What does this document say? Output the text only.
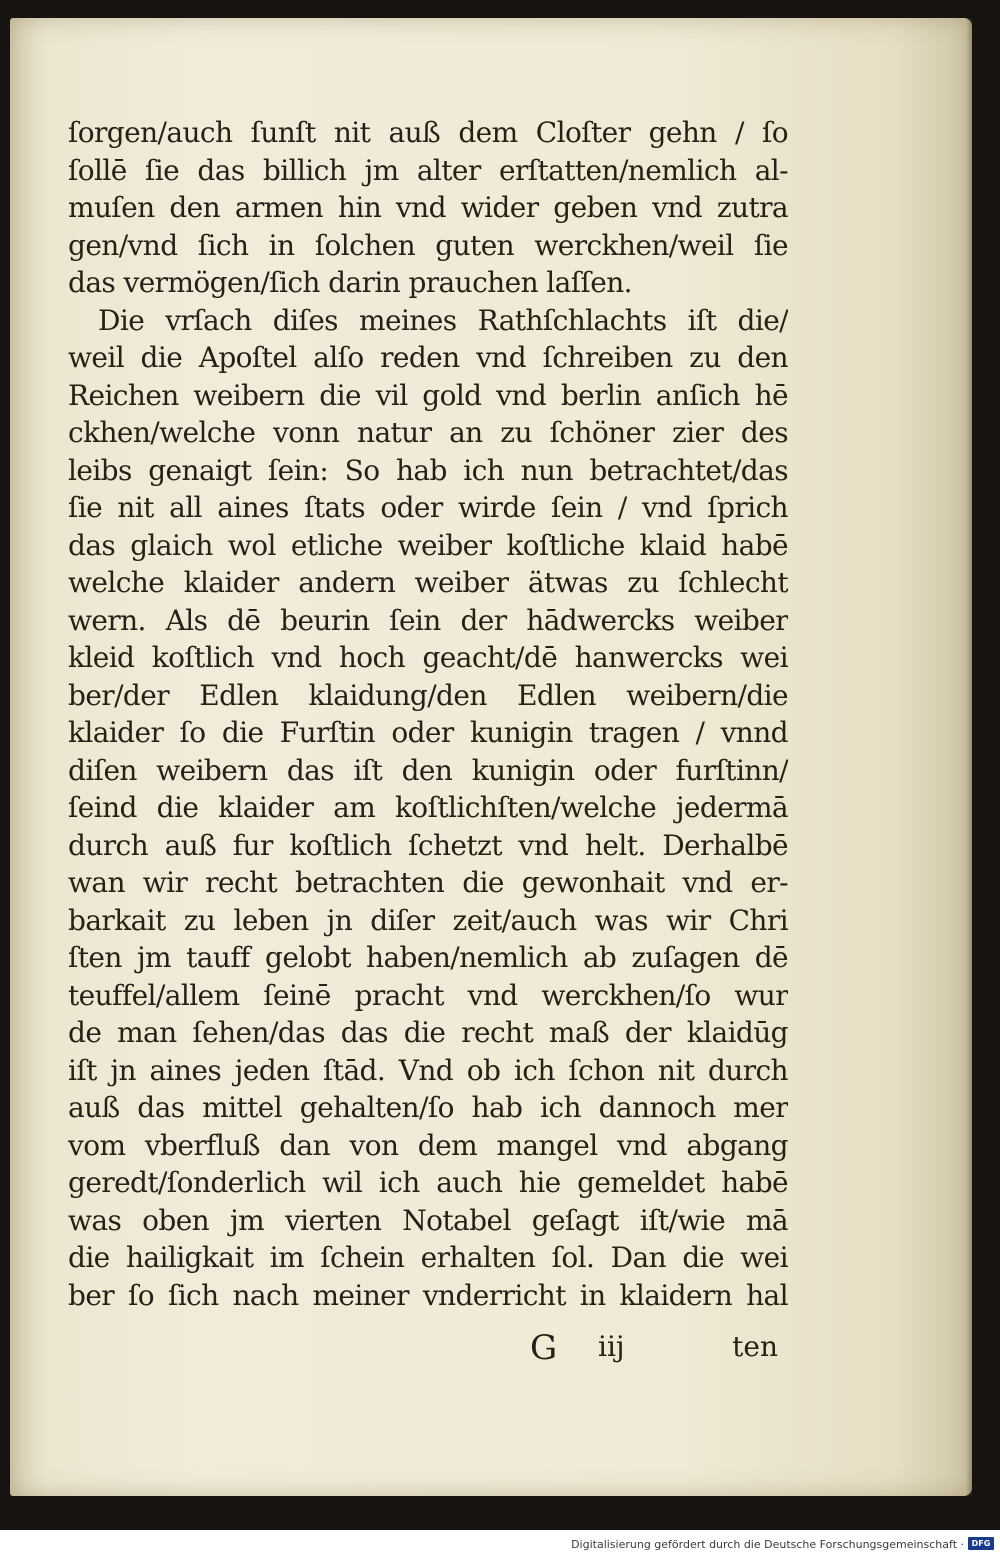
ſorgen/auch ſunſt nit auß dem Cloſter gehn / ſo
ſollē ſie das billich jm alter erſtatten/nemlich al-
muſen den armen hin vnd wider geben vnd zutra
gen/vnd ſich in ſolchen guten werckhen/weil ſie
das vermögen/ſich darin prauchen laſſen.
Die vrſach diſes meines Rathſchlachts iſt die/
weil die Apoſtel alſo reden vnd ſchreiben zu den
Reichen weibern die vil gold vnd berlin anſich hē
ckhen/welche vonn natur an zu ſchöner zier des
leibs genaigt ſein: So hab ich nun betrachtet/das
ſie nit all aines ſtats oder wirde ſein / vnd ſprich
das glaich wol etliche weiber koſtliche klaid habē
welche klaider andern weiber ätwas zu ſchlecht
wern. Als dē beurin ſein der hādwercks weiber
kleid koſtlich vnd hoch geacht/dē hanwercks wei
ber/der Edlen klaidung/den Edlen weibern/die
klaider ſo die Furſtin oder kunigin tragen / vnnd
diſen weibern das iſt den kunigin oder furſtinn/
ſeind die klaider am koſtlichſten/welche jedermā
durch auß fur koſtlich ſchetzt vnd helt. Derhalbē
wan wir recht betrachten die gewonhait vnd er-
barkait zu leben jn diſer zeit/auch was wir Chri
ſten jm tauff gelobt haben/nemlich ab zuſagen dē
teuffel/allem ſeinē pracht vnd werckhen/ſo wur
de man ſehen/das das die recht maß der klaidūg
iſt jn aines jeden ſtād. Vnd ob ich ſchon nit durch
auß das mittel gehalten/ſo hab ich dannoch mer
vom vberfluß dan von dem mangel vnd abgang
geredt/ſonderlich wil ich auch hie gemeldet habē
was oben jm vierten Notabel geſagt iſt/wie mā
die hailigkait im ſchein erhalten ſol. Dan die wei
ber ſo ſich nach meiner vnderricht in klaidern hal
G iij	ten
Digitalisierung gefördert durch die Deutsche Forschungsgemeinschaft · DFG
